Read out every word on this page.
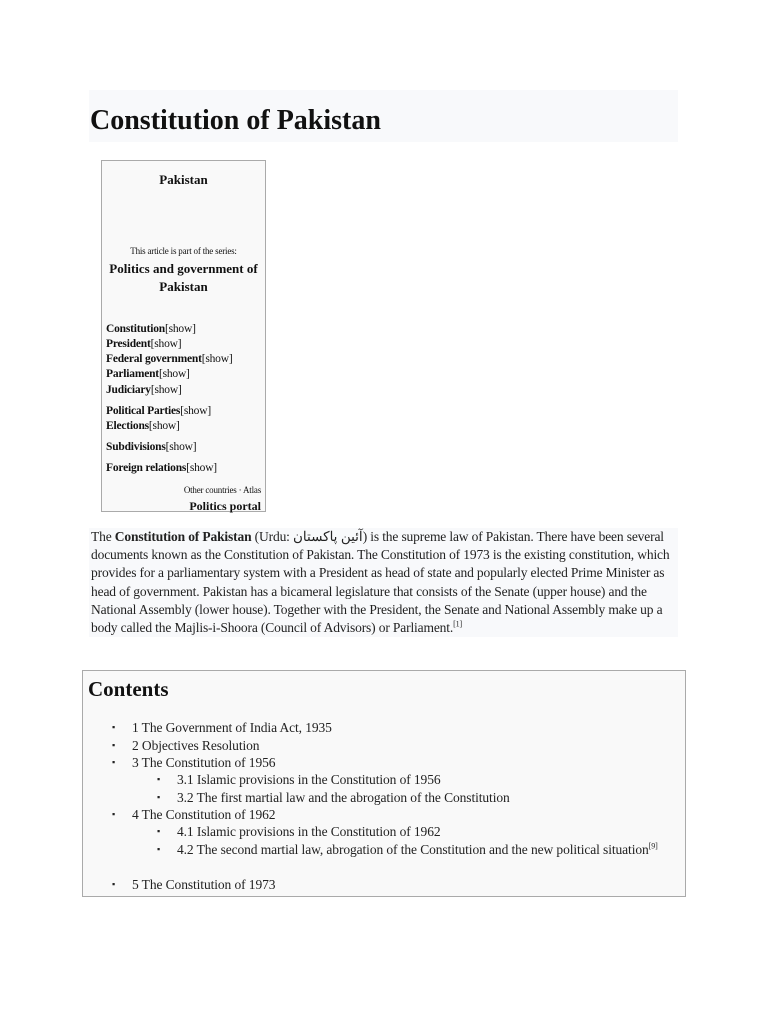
Constitution of Pakistan
Pakistan
This article is part of the series:
Politics and government of Pakistan
Constitution[show]
President[show]
Federal government[show]
Parliament[show]
Judiciary[show]
Political Parties[show]
Elections[show]
Subdivisions[show]
Foreign relations[show]
Other countries · Atlas
Politics portal

The Constitution of Pakistan (Urdu: آئین پاکستان) is the supreme law of Pakistan. There have been several documents known as the Constitution of Pakistan. The Constitution of 1973 is the existing constitution, which provides for a parliamentary system with a President as head of state and popularly elected Prime Minister as head of government. Pakistan has a bicameral legislature that consists of the Senate (upper house) and the National Assembly (lower house). Together with the President, the Senate and National Assembly make up a body called the Majlis-i-Shoora (Council of Advisors) or Parliament.[1]

Contents
▪ 1 The Government of India Act, 1935
▪ 2 Objectives Resolution
▪ 3 The Constitution of 1956
▪ 3.1 Islamic provisions in the Constitution of 1956
▪ 3.2 The first martial law and the abrogation of the Constitution
▪ 4 The Constitution of 1962
▪ 4.1 Islamic provisions in the Constitution of 1962
▪ 4.2 The second martial law, abrogation of the Constitution and the new political situation[9]
▪ 5 The Constitution of 1973
